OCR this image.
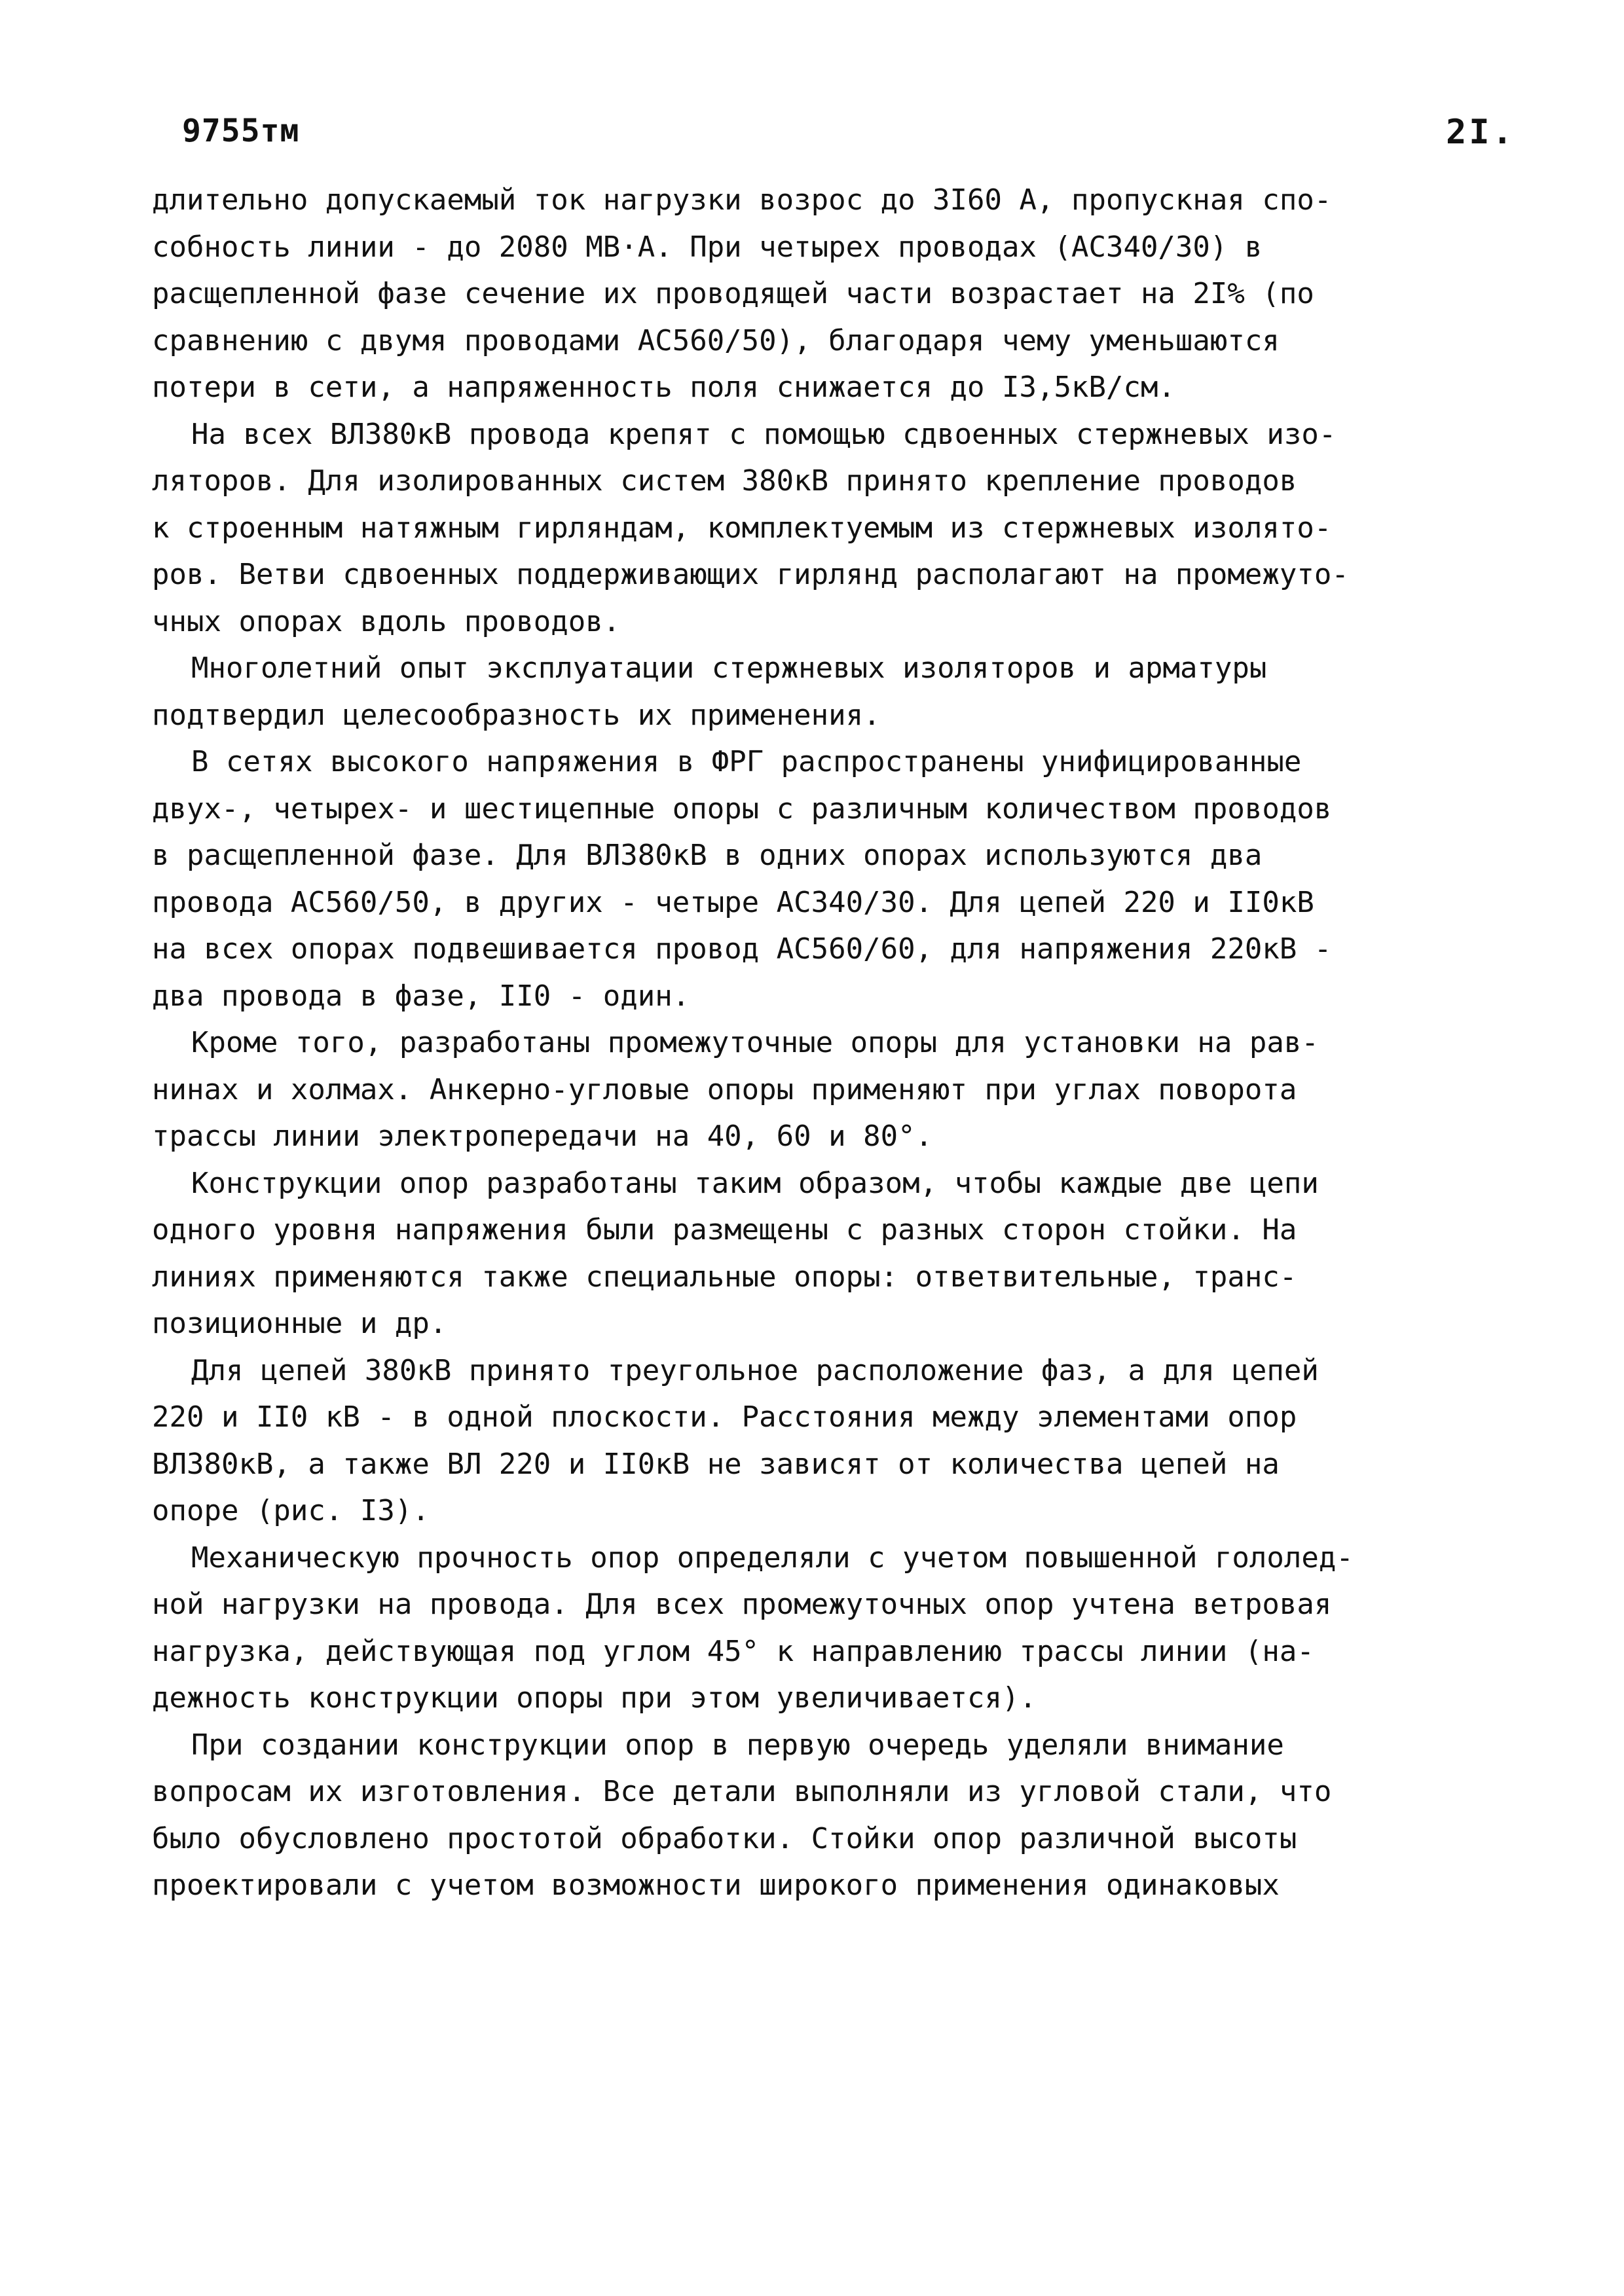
9755тм	2I.
длительно допускаемый ток нагрузки возрос до 3I60 А, пропускная спо-
собность линии - до 2080 МВ·А. При четырех проводах (АС340/30) в
расщепленной фазе сечение их проводящей части возрастает на 2I% (по
сравнению с двумя проводами АС560/50), благодаря чему уменьшаются
потери в сети, а напряженность поля снижается до I3,5кВ/см.
На всех ВЛ380кВ провода крепят с помощью сдвоенных стержневых изо-
ляторов. Для изолированных систем 380кВ принято крепление проводов
к строенным натяжным гирляндам, комплектуемым из стержневых изолято-
ров. Ветви сдвоенных поддерживающих гирлянд располагают на промежуто-
чных опорах вдоль проводов.
Многолетний опыт эксплуатации стержневых изоляторов и арматуры
подтвердил целесообразность их применения.
В сетях высокого напряжения в ФРГ распространены унифицированные
двух-, четырех- и шестицепные опоры с различным количеством проводов
в расщепленной фазе. Для ВЛ380кВ в одних опорах используются два
провода АС560/50, в других - четыре АС340/30. Для цепей 220 и II0кВ
на всех опорах подвешивается провод АС560/60, для напряжения 220кВ -
два провода в фазе, II0 - один.
Кроме того, разработаны промежуточные опоры для установки на рав-
нинах и холмах. Анкерно-угловые опоры применяют при углах поворота
трассы линии электропередачи на 40, 60 и 80°.
Конструкции опор разработаны таким образом, чтобы каждые две цепи
одного уровня напряжения были размещены с разных сторон стойки. На
линиях применяются также специальные опоры: ответвительные, транс-
позиционные и др.
Для цепей 380кВ принято треугольное расположение фаз, а для цепей
220 и II0 кВ - в одной плоскости. Расстояния между элементами опор
ВЛ380кВ, а также ВЛ 220 и II0кВ не зависят от количества цепей на
опоре (рис. I3).
Механическую прочность опор определяли с учетом повышенной гололед-
ной нагрузки на провода. Для всех промежуточных опор учтена ветровая
нагрузка, действующая под углом 45° к направлению трассы линии (на-
дежность конструкции опоры при этом увеличивается).
При создании конструкции опор в первую очередь уделяли внимание
вопросам их изготовления. Все детали выполняли из угловой стали, что
было обусловлено простотой обработки. Стойки опор различной высоты
проектировали с учетом возможности широкого применения одинаковых
